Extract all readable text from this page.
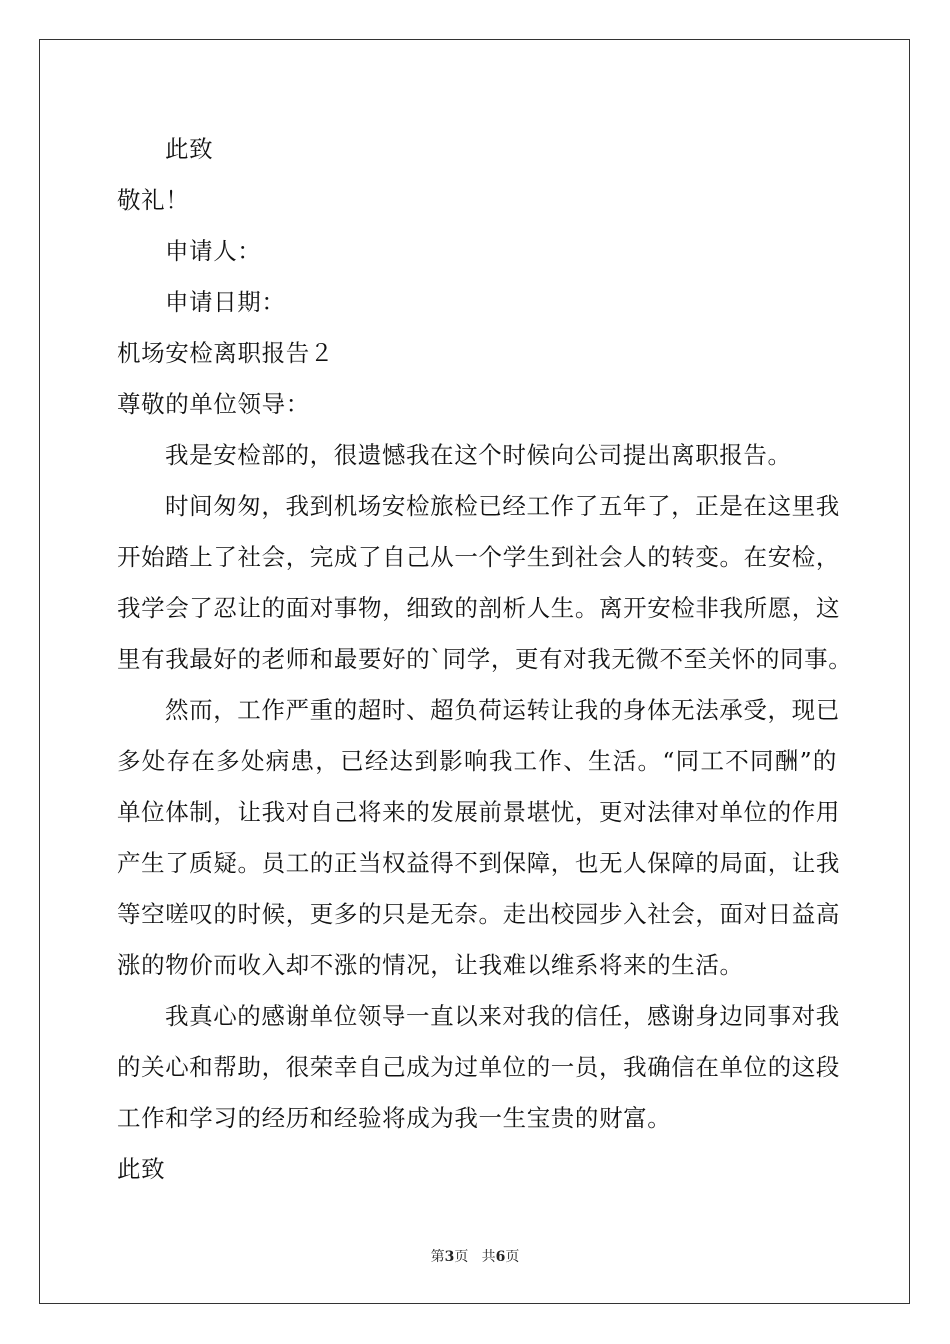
此致
敬礼！
申请人：
申请日期：
机场安检离职报告２
尊敬的单位领导：
我是安检部的，很遗憾我在这个时候向公司提出离职报告。
时间匆匆，我到机场安检旅检已经工作了五年了，正是在这里我
开始踏上了社会，完成了自己从一个学生到社会人的转变。在安检，
我学会了忍让的面对事物，细致的剖析人生。离开安检非我所愿，这
里有我最好的老师和最要好的`同学，更有对我无微不至关怀的同事。
然而，工作严重的超时、超负荷运转让我的身体无法承受，现已
多处存在多处病患，已经达到影响我工作、生活。“同工不同酬”的
单位体制，让我对自己将来的发展前景堪忧，更对法律对单位的作用
产生了质疑。员工的正当权益得不到保障，也无人保障的局面，让我
等空嗟叹的时候，更多的只是无奈。走出校园步入社会，面对日益高
涨的物价而收入却不涨的情况，让我难以维系将来的生活。
我真心的感谢单位领导一直以来对我的信任，感谢身边同事对我
的关心和帮助，很荣幸自己成为过单位的一员，我确信在单位的这段
工作和学习的经历和经验将成为我一生宝贵的财富。
此致
第3页 共6页
